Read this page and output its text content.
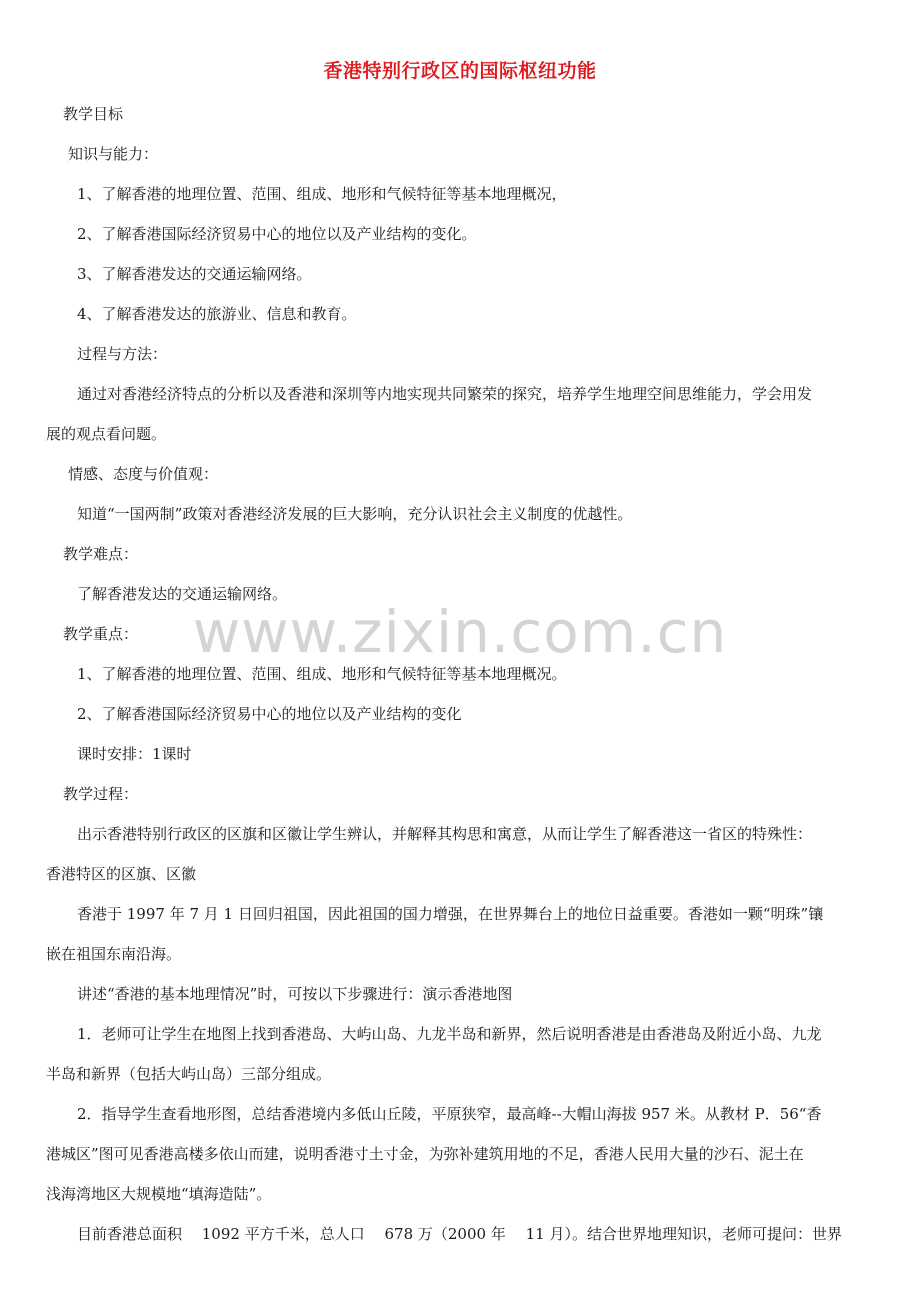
香港特别行政区的国际枢纽功能
教学目标
知识与能力：
1、了解香港的地理位置、范围、组成、地形和气候特征等基本地理概况，
2、了解香港国际经济贸易中心的地位以及产业结构的变化。
3、了解香港发达的交通运输网络。
4、了解香港发达的旅游业、信息和教育。
过程与方法：
通过对香港经济特点的分析以及香港和深圳等内地实现共同繁荣的探究，培养学生地理空间思维能力，学会用发
展的观点看问题。
情感、态度与价值观：
知道“一国两制”政策对香港经济发展的巨大影响，充分认识社会主义制度的优越性。
教学难点：
了解香港发达的交通运输网络。
教学重点：
1、了解香港的地理位置、范围、组成、地形和气候特征等基本地理概况。
2、了解香港国际经济贸易中心的地位以及产业结构的变化
课时安排：1课时
教学过程：
出示香港特别行政区的区旗和区徽让学生辨认，并解释其构思和寓意，从而让学生了解香港这一省区的特殊性：
香港特区的区旗、区徽
香港于 1997 年 7 月 1 日回归祖国，因此祖国的国力增强，在世界舞台上的地位日益重要。香港如一颗“明珠”镶
嵌在祖国东南沿海。
讲述“香港的基本地理情况”时，可按以下步骤进行：演示香港地图
1．老师可让学生在地图上找到香港岛、大屿山岛、九龙半岛和新界，然后说明香港是由香港岛及附近小岛、九龙
半岛和新界（包括大屿山岛）三部分组成。
2．指导学生查看地形图，总结香港境内多低山丘陵，平原狭窄，最高峰--大帽山海拔 957 米。从教材 P．56“香
港城区”图可见香港高楼多依山而建，说明香港寸土寸金，为弥补建筑用地的不足，香港人民用大量的沙石、泥土在
浅海湾地区大规模地“填海造陆”。
目前香港总面积　 1092 平方千米，总人口　 678 万（2000 年　 11 月）。结合世界地理知识，老师可提问：世界
www.zixin.com.cn
